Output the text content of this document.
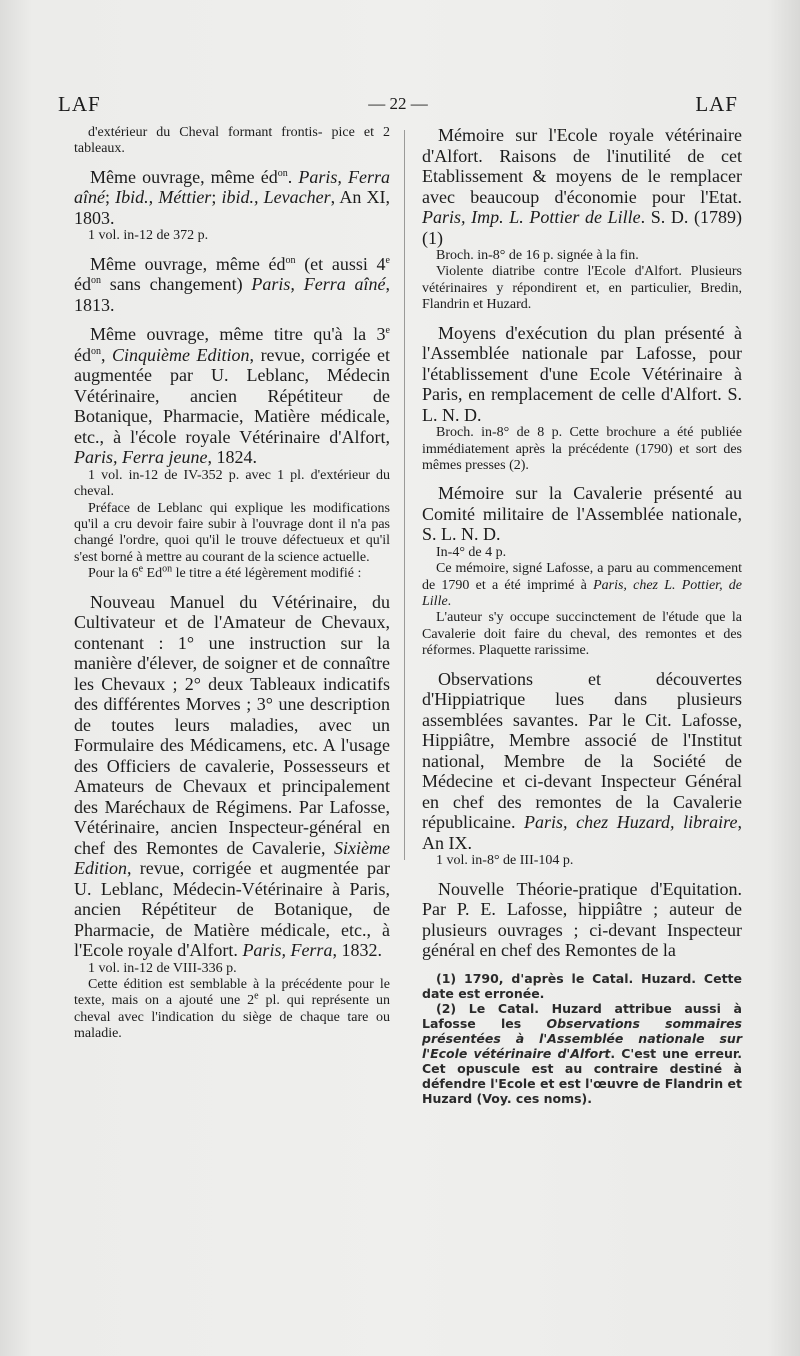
LAF	— 22 —	LAF

d'extérieur du Cheval formant frontis- pice et 2 tableaux.

Même ouvrage, même $éd^{on}$. Paris, Ferra aîné; Ibid., Méttier; ibid., Levacher, An XI, 1803.

1 vol. in-12 de 372 p.

Même ouvrage, même $éd^{on}$ (et aussi 4e $éd^{on}$ sans changement) Paris, Ferra aîné, 1813.

Même ouvrage, même titre qu'à la 3e $éd^{on}$, Cinquième Edition, revue, corrigée et augmentée par U. Leblanc, Médecin Vétérinaire, ancien Répétiteur de Botanique, Pharmacie, Matière médicale, etc., à l'école royale Vétérinaire d'Alfort, Paris, Ferra jeune, 1824.

1 vol. in-12 de IV-352 p. avec 1 pl. d'extérieur du cheval.

Préface de Leblanc qui explique les modifications qu'il a cru devoir faire subir à l'ouvrage dont il n'a pas changé l'ordre, quoi qu'il le trouve défectueux et qu'il s'est borné à mettre au courant de la science actuelle.

Pour la 6e $Ed^{on}$ le titre a été légèrement modifié :

Nouveau Manuel du Vétérinaire, du Cultivateur et de l'Amateur de Chevaux, contenant : 1° une instruction sur la manière d'élever, de soigner et de connaître les Chevaux ; 2° deux Tableaux indicatifs des différentes Morves ; 3° une description de toutes leurs maladies, avec un Formulaire des Médicamens, etc. A l'usage des Officiers de cavalerie, Possesseurs et Amateurs de Chevaux et principalement des Maréchaux de Régimens. Par Lafosse, Vétérinaire, ancien Inspecteur-général en chef des Remontes de Cavalerie, Sixième Edition, revue, corrigée et augmentée par U. Leblanc, Médecin-Vétérinaire à Paris, ancien Répétiteur de Botanique, de Pharmacie, de Matière médicale, etc., à l'Ecole royale d'Alfort. Paris, Ferra, 1832.

1 vol. in-12 de VIII-336 p.

Cette édition est semblable à la précédente pour le texte, mais on a ajouté une 2e pl. qui représente un cheval avec l'indication du siège de chaque tare ou maladie.

Mémoire sur l'Ecole royale vétérinaire d'Alfort. Raisons de l'inutilité de cet Etablissement & moyens de le remplacer avec beaucoup d'économie pour l'Etat. Paris, Imp. L. Pottier de Lille. S. D. (1789) (1)

Broch. in-8° de 16 p. signée à la fin.

Violente diatribe contre l'Ecole d'Alfort. Plusieurs vétérinaires y répondirent et, en particulier, Bredin, Flandrin et Huzard.

Moyens d'exécution du plan présenté à l'Assemblée nationale par Lafosse, pour l'établissement d'une Ecole Vétérinaire à Paris, en remplacement de celle d'Alfort. S. L. N. D.

Broch. in-8° de 8 p. Cette brochure a été publiée immédiatement après la précédente (1790) et sort des mêmes presses (2).

Mémoire sur la Cavalerie présenté au Comité militaire de l'Assemblée nationale, S. L. N. D.

In-4° de 4 p.

Ce mémoire, signé Lafosse, a paru au commencement de 1790 et a été imprimé à Paris, chez L. Pottier, de Lille.

L'auteur s'y occupe succinctement de l'étude que la Cavalerie doit faire du cheval, des remontes et des réformes. Plaquette rarissime.

Observations et découvertes d'Hippiatrique lues dans plusieurs assemblées savantes. Par le Cit. Lafosse, Hippiâtre, Membre associé de l'Institut national, Membre de la Société de Médecine et ci-devant Inspecteur Général en chef des remontes de la Cavalerie républicaine. Paris, chez Huzard, libraire, An IX.

1 vol. in-8° de III-104 p.

Nouvelle Théorie-pratique d'Equitation. Par P. E. Lafosse, hippiâtre ; auteur de plusieurs ouvrages ; ci-devant Inspecteur général en chef des Remontes de la

(1) 1790, d'après le Catal. Huzard. Cette date est erronée.

(2) Le Catal. Huzard attribue aussi à Lafosse les Observations sommaires présentées à l'Assemblée nationale sur l'Ecole vétérinaire d'Alfort. C'est une erreur. Cet opuscule est au contraire destiné à défendre l'Ecole et est l'œuvre de Flandrin et Huzard (Voy. ces noms).
